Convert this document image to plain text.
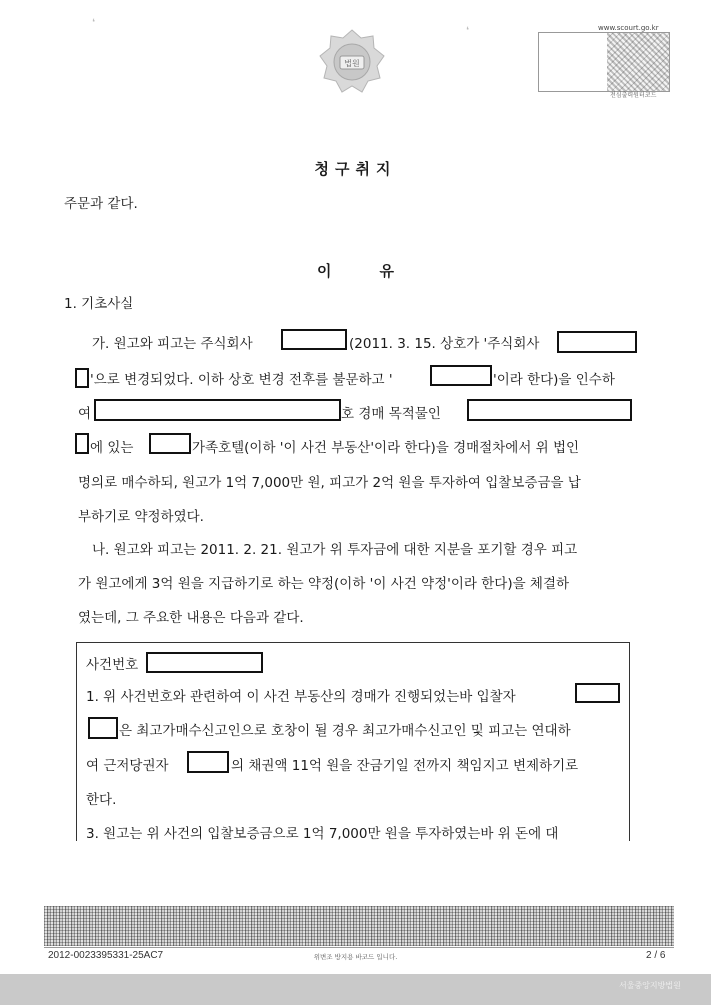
❛
❛
법원
www.scourt.go.kr
전심출력원터코드
청구취지
주문과 같다.
이유
1. 기초사실
가. 원고와 피고는 주식회사	(2011. 3. 15. 상호가 '주식회사
'으로 변경되었다. 이하 상호 변경 전후를 불문하고 '	'이라 한다)을 인수하
여	호 경매 목적물인
에 있는	가족호텔(이하 '이 사건 부동산'이라 한다)을 경매절차에서 위 법인
명의로 매수하되, 원고가 1억 7,000만 원, 피고가 2억 원을 투자하여 입찰보증금을 납
부하기로 약정하였다.
나. 원고와 피고는 2011. 2. 21. 원고가 위 투자금에 대한 지분을 포기할 경우 피고
가 원고에게 3억 원을 지급하기로 하는 약정(이하 '이 사건 약정'이라 한다)을 체결하
였는데, 그 주요한 내용은 다음과 같다.
사건번호
1. 위 사건번호와 관련하여 이 사건 부동산의 경매가 진행되었는바 입찰자
은 최고가매수신고인으로 호창이 될 경우 최고가매수신고인 및 피고는 연대하
여 근저당권자	의 채권액 11억 원을 잔금기일 전까지 책임지고 변제하기로
한다.
3. 원고는 위 사건의 입찰보증금으로 1억 7,000만 원을 투자하였는바 위 돈에 대
2012-0023395331-25AC7	위변조 방지용 바코드 입니다.	2 / 6
서울중앙지방법원
